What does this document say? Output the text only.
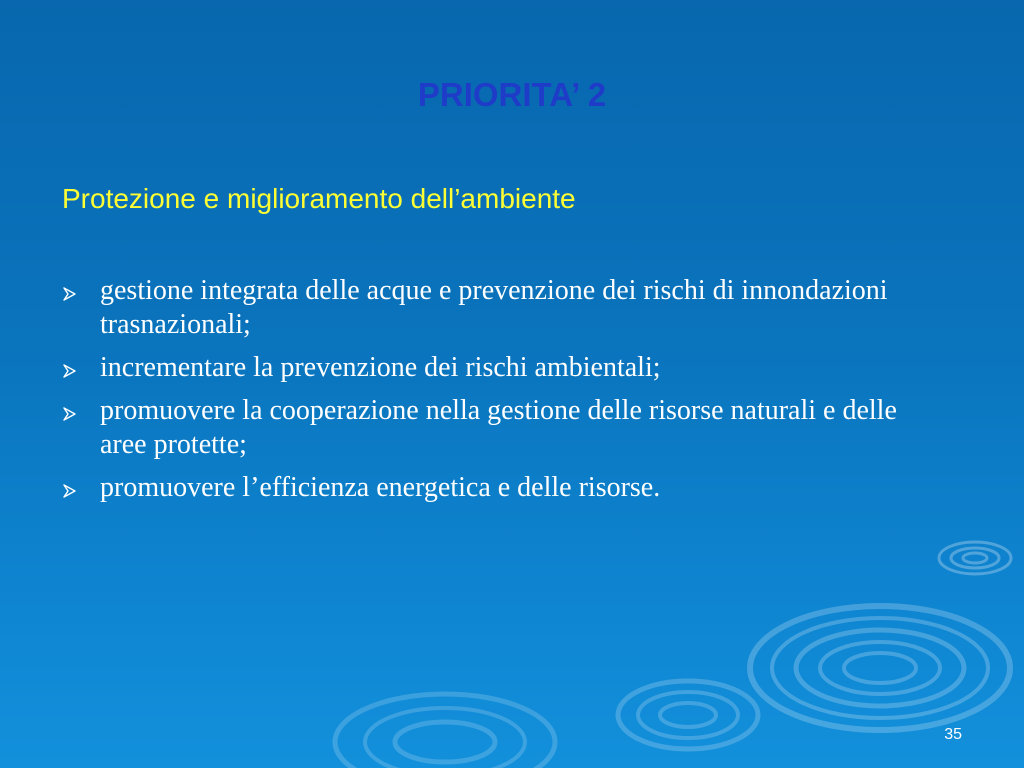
PRIORITA’ 2

Protezione e miglioramento dell’ambiente

gestione integrata delle acque e prevenzione dei rischi di innondazioni trasnazionali;
incrementare la prevenzione dei rischi ambientali;
promuovere la cooperazione nella gestione delle risorse naturali e delle aree protette;
promuovere l’efficienza energetica e delle risorse.

35
